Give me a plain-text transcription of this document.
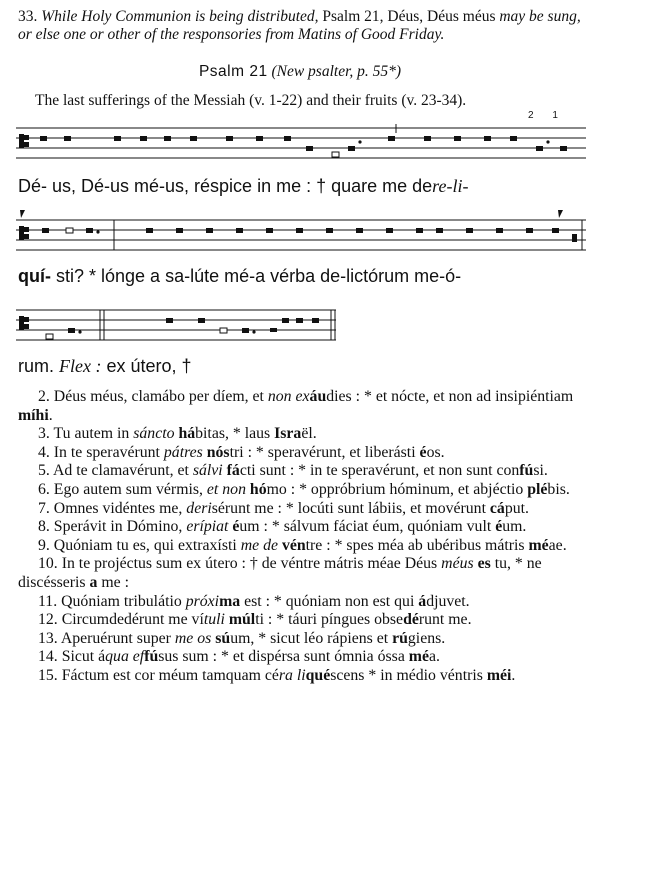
33. While Holy Communion is being distributed, Psalm 21, Déus, Déus méus may be sung, or else one or other of the responsories from Matins of Good Friday.
Psalm 21 (New psalter, p. 55*)
The last sufferings of the Messiah (v. 1-22) and their fruits (v. 23-34).
2 1
Dé- us, Dé-us mé-us, réspice in me : † quare me dere-li-
quí- sti? * lónge a sa-lúte mé-a vérba de-lictórum me-ó-
rum. Flex : ex útero, †
2. Déus méus, clamábo per díem, et non exáudies : * et nócte, et non ad insipiéntiam míhi.
3. Tu autem in sáncto hábitas, * laus Israël.
4. In te speravérunt pátres nóstri : * speravérunt, et liberásti éos.
5. Ad te clamavérunt, et sálvi fácti sunt : * in te speravérunt, et non sunt confúsi.
6. Ego autem sum vérmis, et non hómo : * oppróbrium hóminum, et abjéctio plébis.
7. Omnes vidéntes me, derisérunt me : * locúti sunt lábiis, et movérunt cáput.
8. Sperávit in Dómino, erípiat éum : * sálvum fáciat éum, quóniam vult éum.
9. Quóniam tu es, qui extraxísti me de véntre : * spes méa ab ubéribus mátris méae.
10. In te projéctus sum ex útero : † de véntre mátris méae Déus méus es tu, * ne discésseris a me :
11. Quóniam tribulátio próxima est : * quóniam non est qui ádjuvet.
12. Circumdedérunt me vítuli múlti : * táuri píngues obsedérunt me.
13. Aperuérunt super me os súum, * sicut léo rápiens et rúgiens.
14. Sicut áqua effúsus sum : * et dispérsa sunt ómnia óssa méa.
15. Fáctum est cor méum tamquam céra liquéscens * in médio véntris méi.
